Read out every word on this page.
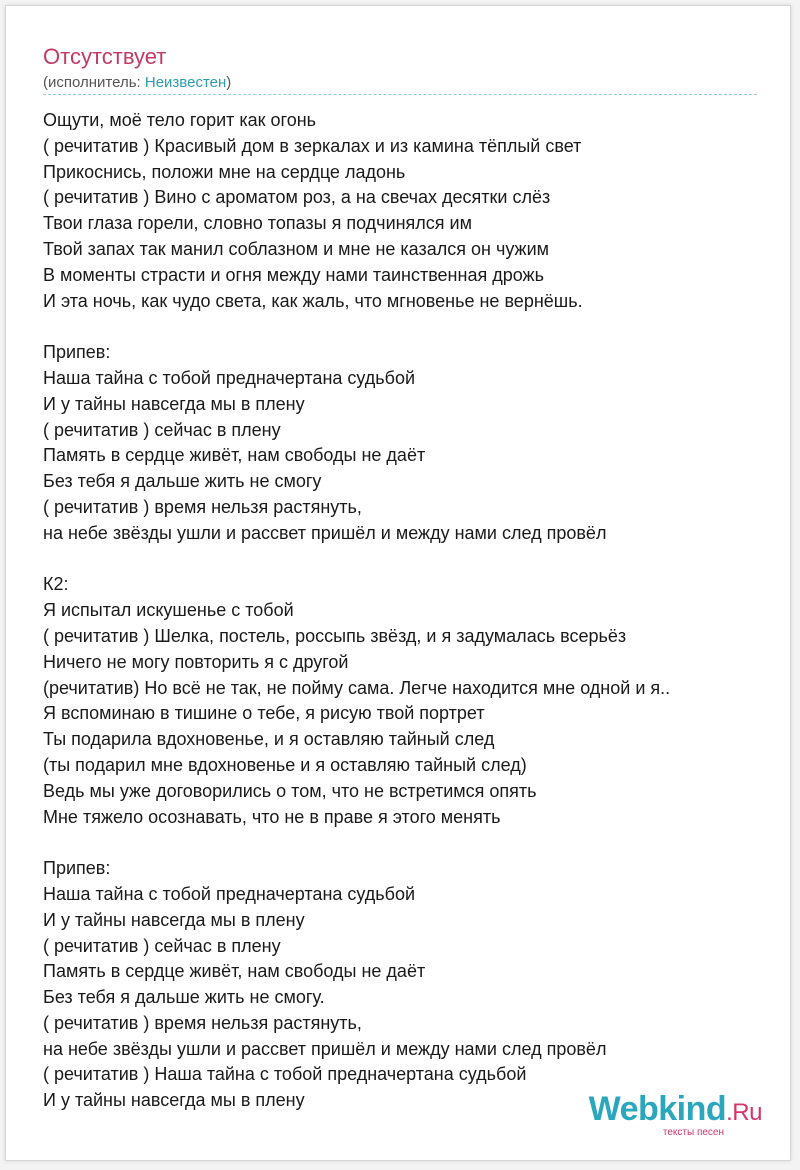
Отсутствует
(исполнитель: Неизвестен)
Ощути, моё тело горит как огонь
( речитатив ) Красивый дом в зеркалах и из камина тёплый свет
Прикоснись, положи мне на сердце ладонь
( речитатив ) Вино с ароматом роз, а на свечах десятки слёз
Твои глаза горели, словно топазы я подчинялся им
Твой запах так манил соблазном и мне не казался он чужим
В моменты страсти и огня между нами таинственная дрожь
И эта ночь, как чудо света, как жаль, что мгновенье не вернёшь.
Припев:
Наша тайна с тобой предначертана судьбой
И у тайны навсегда мы в плену
( речитатив ) сейчас в плену
Память в сердце живёт, нам свободы не даёт
Без тебя я дальше жить не смогу
( речитатив ) время нельзя растянуть,
на небе звёзды ушли и рассвет пришёл и между нами след провёл
К2:
Я испытал искушенье с тобой
( речитатив ) Шелка, постель, россыпь звёзд, и я задумалась всерьёз
Ничего не могу повторить я с другой
(речитатив) Но всё не так, не пойму сама. Легче находится мне одной и я..
Я вспоминаю в тишине о тебе, я рисую твой портрет
Ты подарила вдохновенье, и я оставляю тайный след
(ты подарил мне вдохновенье и я оставляю тайный след)
Ведь мы уже договорились о том, что не встретимся опять
Мне тяжело осознавать, что не в праве я этого менять
Припев:
Наша тайна с тобой предначертана судьбой
И у тайны навсегда мы в плену
( речитатив ) сейчас в плену
Память в сердце живёт, нам свободы не даёт
Без тебя я дальше жить не смогу.
( речитатив ) время нельзя растянуть,
на небе звёзды ушли и рассвет пришёл и между нами след провёл
( речитатив ) Наша тайна с тобой предначертана судьбой
И у тайны навсегда мы в плену	Webkind.Ru
тексты песен
